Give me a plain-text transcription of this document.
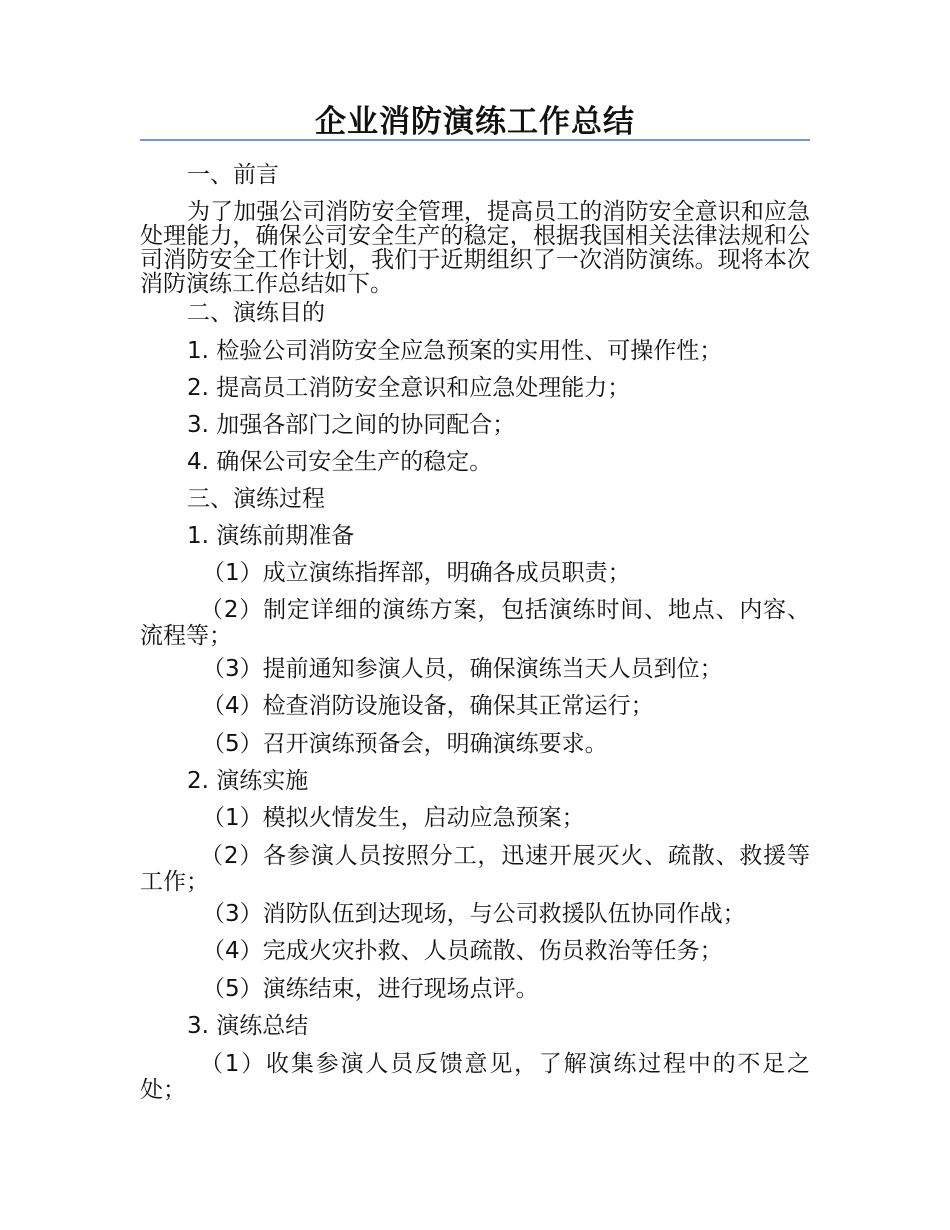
企业消防演练工作总结
一、前言
为了加强公司消防安全管理，提高员工的消防安全意识和应急处理能力，确保公司安全生产的稳定，根据我国相关法律法规和公司消防安全工作计划，我们于近期组织了一次消防演练。现将本次消防演练工作总结如下。
二、演练目的
1. 检验公司消防安全应急预案的实用性、可操作性；
2. 提高员工消防安全意识和应急处理能力；
3. 加强各部门之间的协同配合；
4. 确保公司安全生产的稳定。
三、演练过程
1. 演练前期准备
（1）成立演练指挥部，明确各成员职责；
（2）制定详细的演练方案，包括演练时间、地点、内容、流程等；
（3）提前通知参演人员，确保演练当天人员到位；
（4）检查消防设施设备，确保其正常运行；
（5）召开演练预备会，明确演练要求。
2. 演练实施
（1）模拟火情发生，启动应急预案；
（2）各参演人员按照分工，迅速开展灭火、疏散、救援等工作；
（3）消防队伍到达现场，与公司救援队伍协同作战；
（4）完成火灾扑救、人员疏散、伤员救治等任务；
（5）演练结束，进行现场点评。
3. 演练总结
（1）收集参演人员反馈意见，了解演练过程中的不足之处；
